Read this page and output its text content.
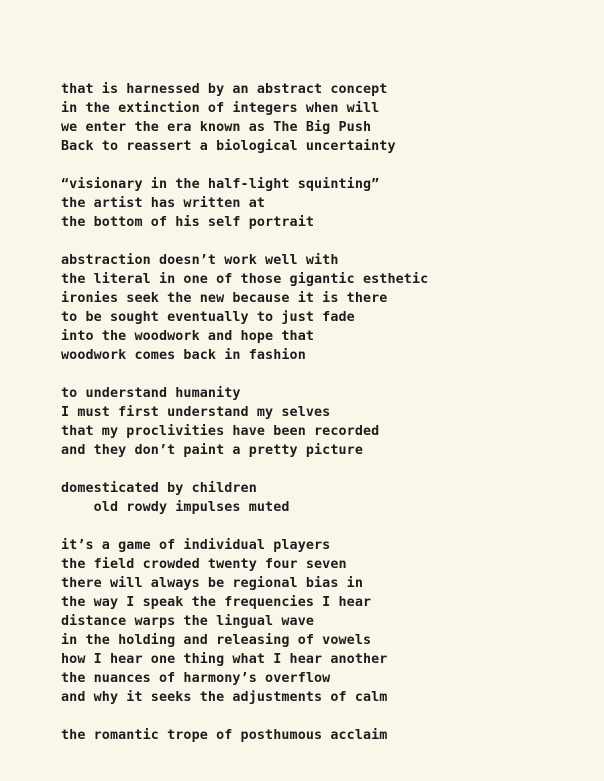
that is harnessed by an abstract concept
in the extinction of integers when will
we enter the era known as The Big Push
Back to reassert a biological uncertainty
“visionary in the half-light squinting”
the artist has written at
the bottom of his self portrait
abstraction doesn’t work well with
the literal in one of those gigantic esthetic
ironies seek the new because it is there
to be sought eventually to just fade
into the woodwork and hope that
woodwork comes back in fashion
to understand humanity
I must first understand my selves
that my proclivities have been recorded
and they don’t paint a pretty picture
domesticated by children
old rowdy impulses muted
it’s a game of individual players
the field crowded twenty four seven
there will always be regional bias in
the way I speak the frequencies I hear
distance warps the lingual wave
in the holding and releasing of vowels
how I hear one thing what I hear another
the nuances of harmony’s overflow
and why it seeks the adjustments of calm
the romantic trope of posthumous acclaim
